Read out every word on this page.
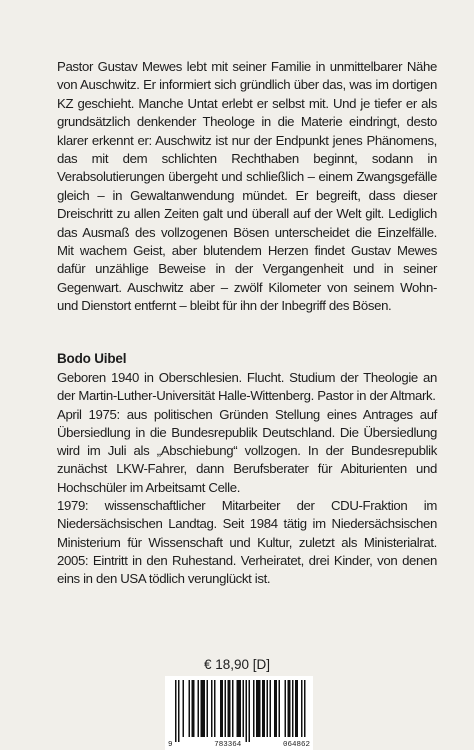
Pastor Gustav Mewes lebt mit seiner Familie in unmittelbarer Nähe von Auschwitz. Er informiert sich gründlich über das, was im dortigen KZ geschieht. Manche Untat erlebt er selbst mit. Und je tiefer er als grundsätzlich denkender Theologe in die Materie eindringt, desto klarer erkennt er: Auschwitz ist nur der Endpunkt jenes Phänomens, das mit dem schlichten Rechthaben beginnt, sodann in Verabsolutierungen übergeht und schließlich – einem Zwangsgefälle gleich – in Gewaltanwendung mündet. Er begreift, dass dieser Dreischritt zu allen Zeiten galt und überall auf der Welt gilt. Lediglich das Ausmaß des vollzogenen Bösen unterscheidet die Einzelfälle. Mit wachem Geist, aber blutendem Herzen findet Gustav Mewes dafür unzählige Beweise in der Vergangenheit und in seiner Gegenwart. Auschwitz aber – zwölf Kilometer von seinem Wohn- und Dienstort entfernt – bleibt für ihn der Inbegriff des Bösen.

Bodo Uibel

Geboren 1940 in Oberschlesien. Flucht. Studium der Theologie an der Martin-Luther-Universität Halle-Wittenberg. Pastor in der Altmark.

April 1975: aus politischen Gründen Stellung eines Antrages auf Übersiedlung in die Bundesrepublik Deutschland. Die Übersiedlung wird im Juli als „Abschiebung“ vollzogen. In der Bundesrepublik zunächst LKW-Fahrer, dann Berufsberater für Abiturienten und Hochschüler im Arbeitsamt Celle.

1979: wissenschaftlicher Mitarbeiter der CDU-Fraktion im Niedersächsischen Landtag. Seit 1984 tätig im Niedersächsischen Ministerium für Wissenschaft und Kultur, zuletzt als Ministerialrat. 2005: Eintritt in den Ruhestand. Verheiratet, drei Kinder, von denen eins in den USA tödlich verunglückt ist.

€ 18,90 [D]
9	783364	064862
